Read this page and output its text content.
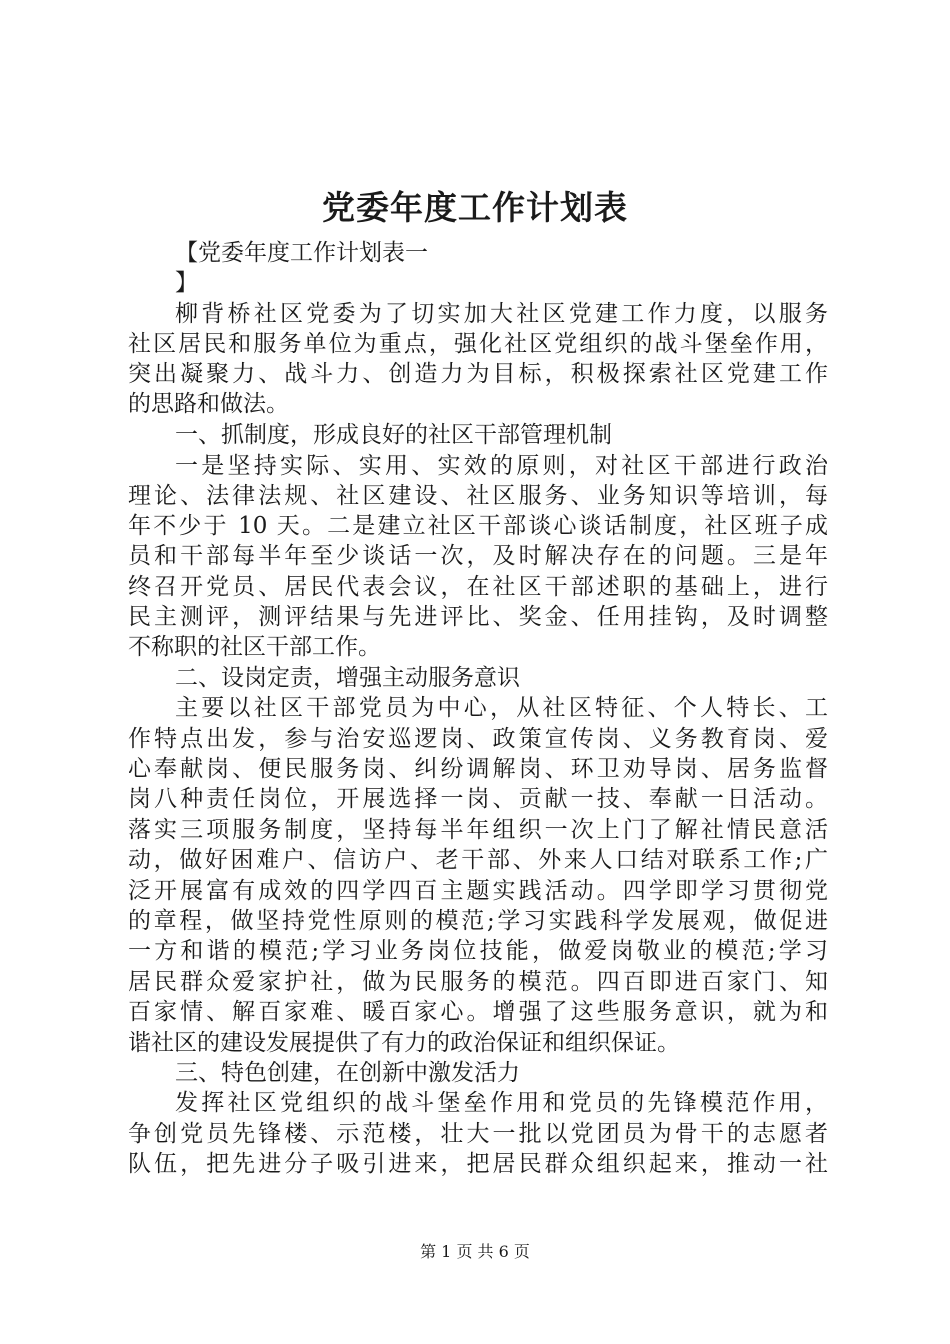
党委年度工作计划表
【党委年度工作计划表一
】
柳背桥社区党委为了切实加大社区党建工作力度，以服务
社区居民和服务单位为重点，强化社区党组织的战斗堡垒作用，
突出凝聚力、战斗力、创造力为目标，积极探索社区党建工作
的思路和做法。
一、抓制度，形成良好的社区干部管理机制
一是坚持实际、实用、实效的原则，对社区干部进行政治
理论、法律法规、社区建设、社区服务、业务知识等培训，每
年不少于 10 天。二是建立社区干部谈心谈话制度，社区班子成
员和干部每半年至少谈话一次，及时解决存在的问题。三是年
终召开党员、居民代表会议，在社区干部述职的基础上，进行
民主测评，测评结果与先进评比、奖金、任用挂钩，及时调整
不称职的社区干部工作。
二、设岗定责，增强主动服务意识
主要以社区干部党员为中心，从社区特征、个人特长、工
作特点出发，参与治安巡逻岗、政策宣传岗、义务教育岗、爱
心奉献岗、便民服务岗、纠纷调解岗、环卫劝导岗、居务监督
岗八种责任岗位，开展选择一岗、贡献一技、奉献一日活动。
落实三项服务制度，坚持每半年组织一次上门了解社情民意活
动，做好困难户、信访户、老干部、外来人口结对联系工作;广
泛开展富有成效的四学四百主题实践活动。四学即学习贯彻党
的章程，做坚持党性原则的模范;学习实践科学发展观，做促进
一方和谐的模范;学习业务岗位技能，做爱岗敬业的模范;学习
居民群众爱家护社，做为民服务的模范。四百即进百家门、知
百家情、解百家难、暖百家心。增强了这些服务意识，就为和
谐社区的建设发展提供了有力的政治保证和组织保证。
三、特色创建，在创新中激发活力
发挥社区党组织的战斗堡垒作用和党员的先锋模范作用，
争创党员先锋楼、示范楼，壮大一批以党团员为骨干的志愿者
队伍，把先进分子吸引进来，把居民群众组织起来，推动一社
第 1 页 共 6 页
